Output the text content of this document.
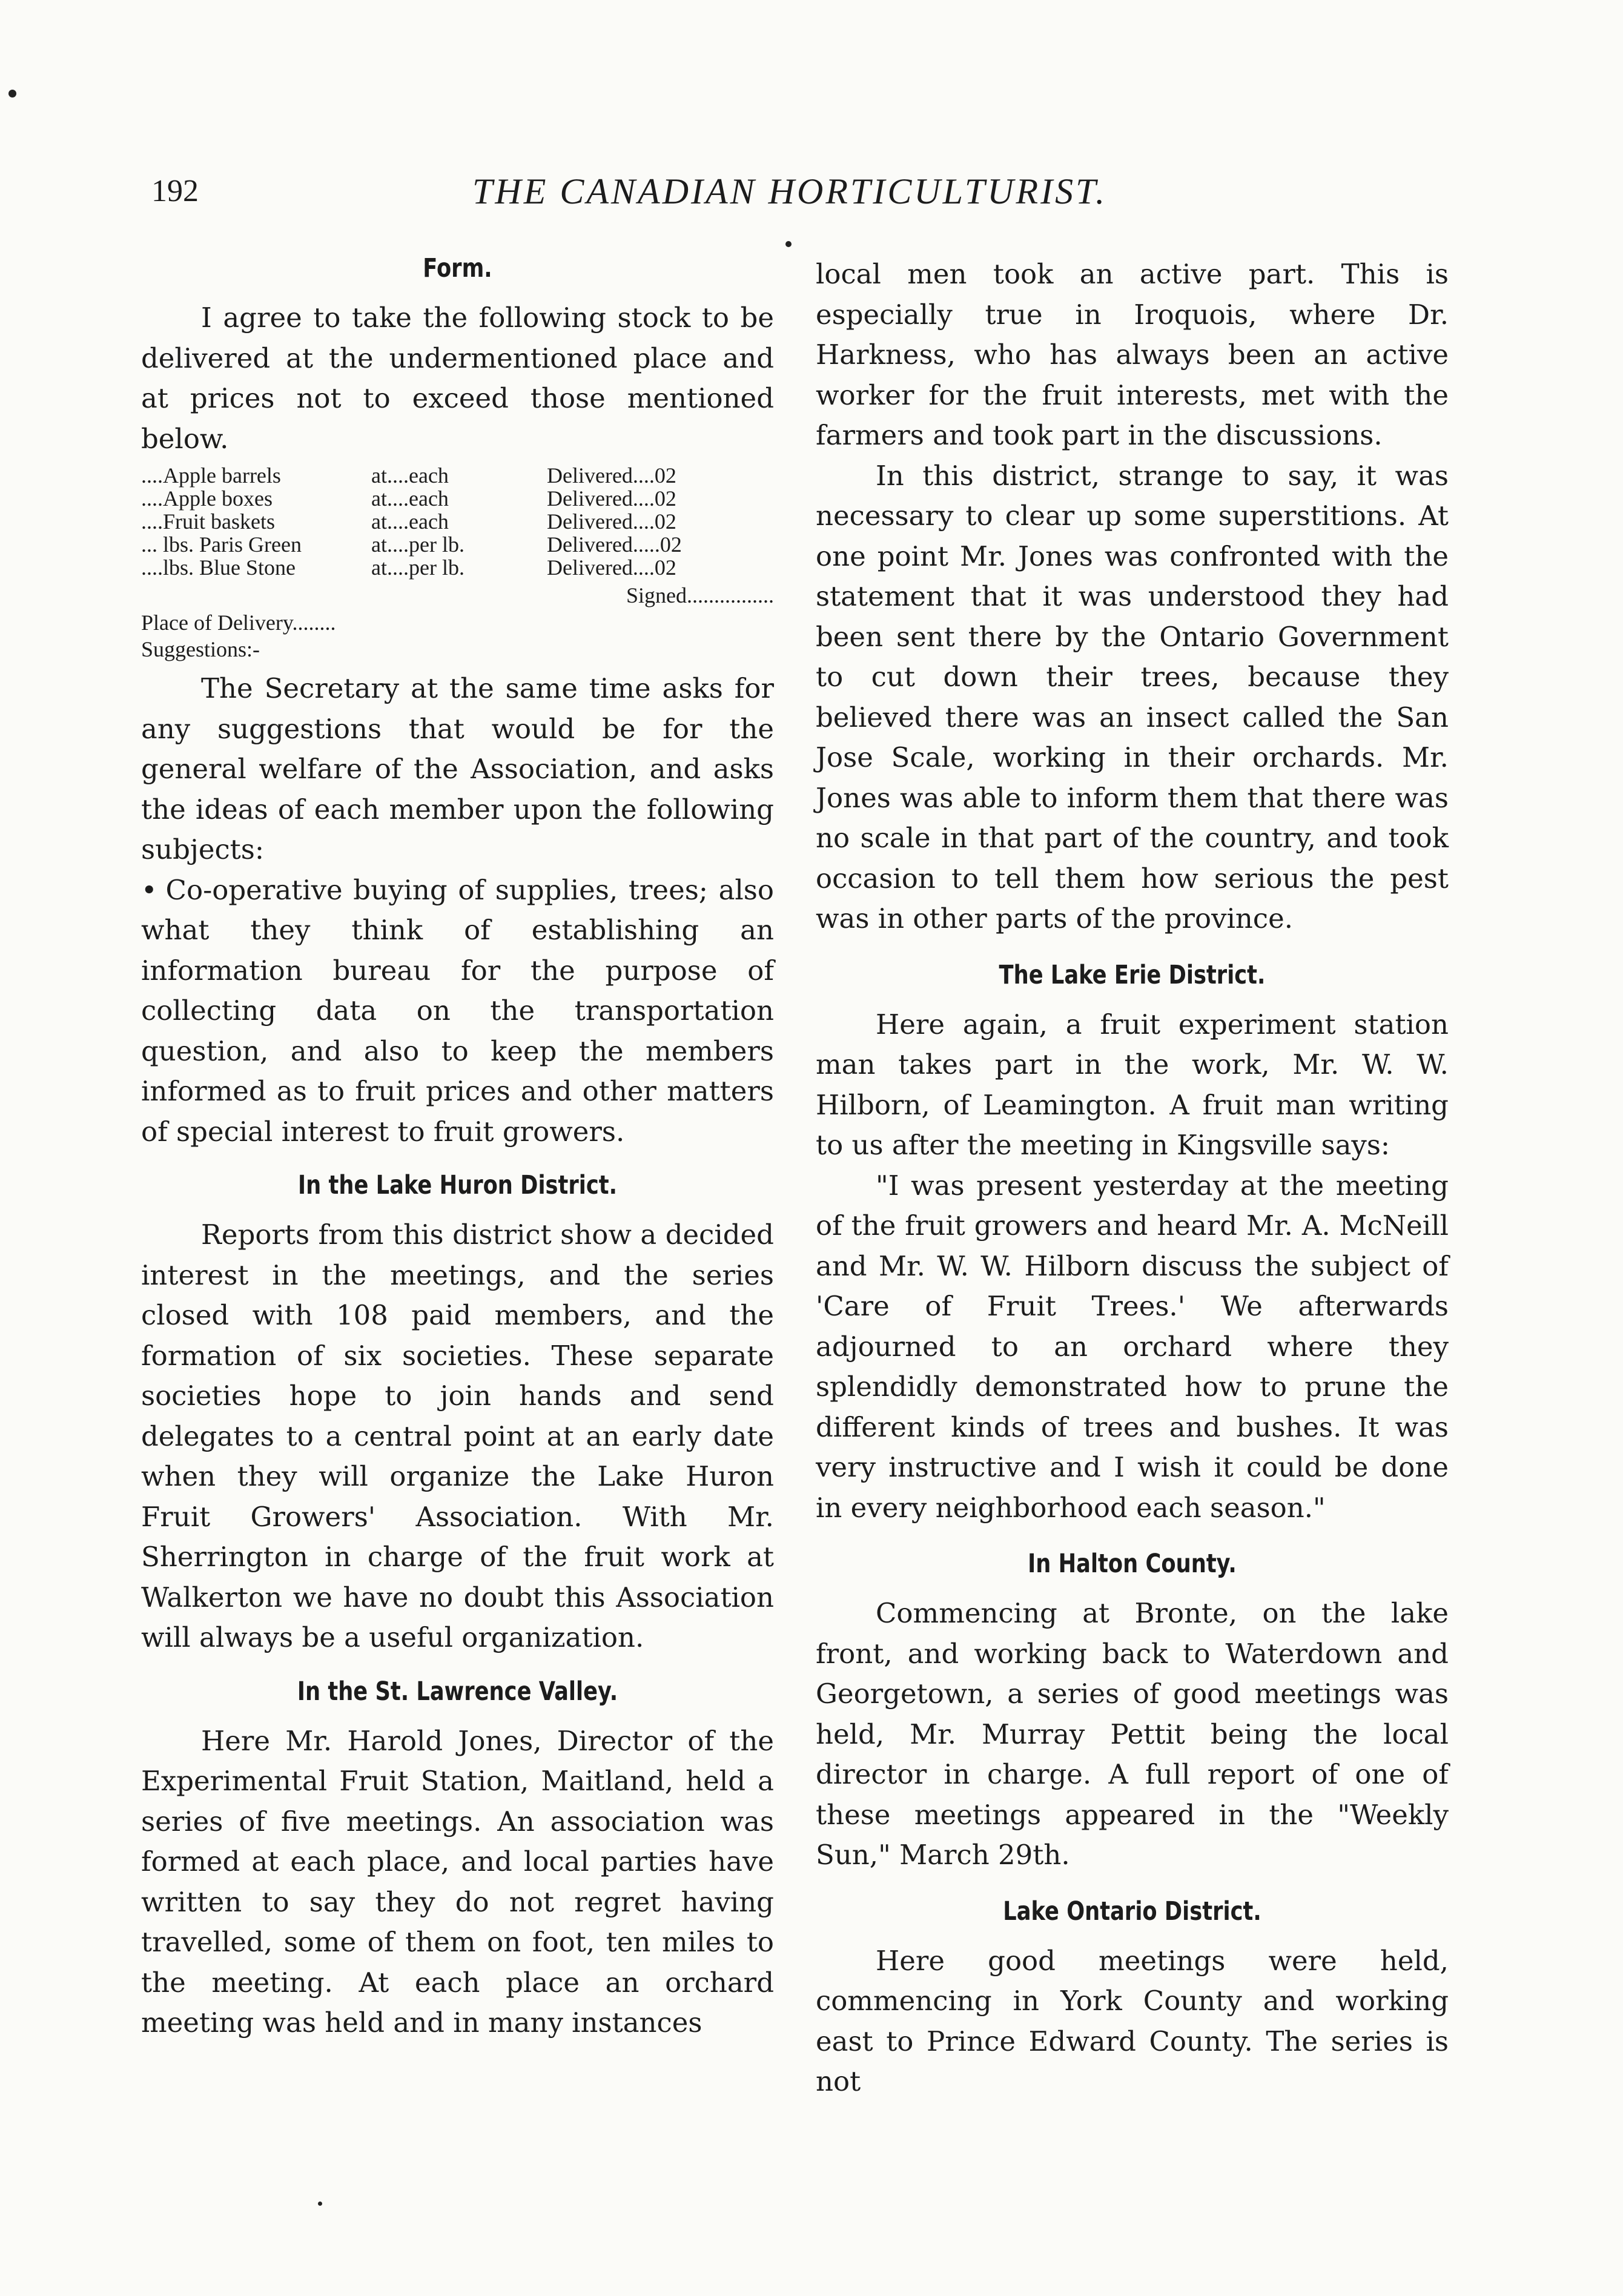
192	THE CANADIAN HORTICULTURIST.
Form.

I agree to take the following stock to be delivered at the undermentioned place and at prices not to exceed those mentioned below.

....Apple barrels	at....each	Delivered....02
....Apple boxes	at....each	Delivered....02
....Fruit baskets	at....each	Delivered....02
... lbs. Paris Green	at....per lb.	Delivered.....02
....lbs. Blue Stone	at....per lb.	Delivered....02
Signed................
Place of Delivery........
Suggestions:-

The Secretary at the same time asks for any suggestions that would be for the general welfare of the Association, and asks the ideas of each member upon the following subjects:

• Co-operative buying of supplies, trees; also what they think of establishing an information bureau for the purpose of collecting data on the transportation question, and also to keep the members informed as to fruit prices and other matters of special interest to fruit growers.

In the Lake Huron District.

Reports from this district show a decided interest in the meetings, and the series closed with 108 paid members, and the formation of six societies. These separate societies hope to join hands and send delegates to a central point at an early date when they will organize the Lake Huron Fruit Growers' Association. With Mr. Sherrington in charge of the fruit work at Walkerton we have no doubt this Association will always be a useful organization.

In the St. Lawrence Valley.

Here Mr. Harold Jones, Director of the Experimental Fruit Station, Maitland, held a series of five meetings. An association was formed at each place, and local parties have written to say they do not regret having travelled, some of them on foot, ten miles to the meeting. At each place an orchard meeting was held and in many instances

local men took an active part. This is especially true in Iroquois, where Dr. Harkness, who has always been an active worker for the fruit interests, met with the farmers and took part in the discussions.

In this district, strange to say, it was necessary to clear up some superstitions. At one point Mr. Jones was confronted with the statement that it was understood they had been sent there by the Ontario Government to cut down their trees, because they believed there was an insect called the San Jose Scale, working in their orchards. Mr. Jones was able to inform them that there was no scale in that part of the country, and took occasion to tell them how serious the pest was in other parts of the province.

The Lake Erie District.

Here again, a fruit experiment station man takes part in the work, Mr. W. W. Hilborn, of Leamington. A fruit man writing to us after the meeting in Kingsville says:

"I was present yesterday at the meeting of the fruit growers and heard Mr. A. McNeill and Mr. W. W. Hilborn discuss the subject of 'Care of Fruit Trees.' We afterwards adjourned to an orchard where they splendidly demonstrated how to prune the different kinds of trees and bushes. It was very instructive and I wish it could be done in every neighborhood each season."

In Halton County.

Commencing at Bronte, on the lake front, and working back to Waterdown and Georgetown, a series of good meetings was held, Mr. Murray Pettit being the local director in charge. A full report of one of these meetings appeared in the "Weekly Sun," March 29th.

Lake Ontario District.

Here good meetings were held, commencing in York County and working east to Prince Edward County. The series is not
